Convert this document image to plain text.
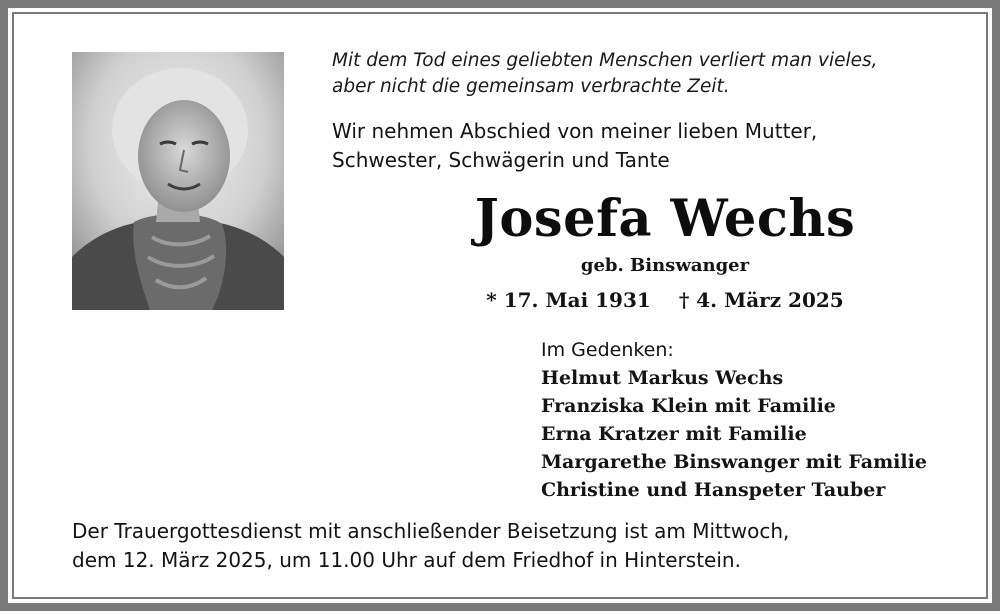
Mit dem Tod eines geliebten Menschen verliert man vieles,
aber nicht die gemeinsam verbrachte Zeit.
Wir nehmen Abschied von meiner lieben Mutter,
Schwester, Schwägerin und Tante
Josefa Wechs
geb. Binswanger
* 17. Mai 1931 † 4. März 2025
Im Gedenken:
Helmut Markus Wechs
Franziska Klein mit Familie
Erna Kratzer mit Familie
Margarethe Binswanger mit Familie
Christine und Hanspeter Tauber
Der Trauergottesdienst mit anschließender Beisetzung ist am Mittwoch,
dem 12. März 2025, um 11.00 Uhr auf dem Friedhof in Hinterstein.
